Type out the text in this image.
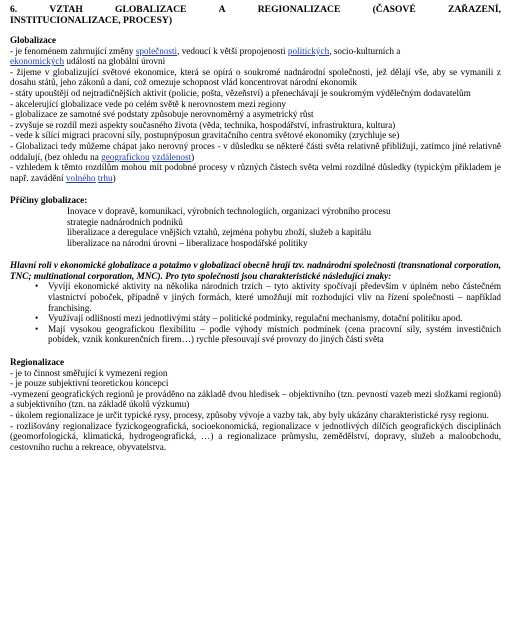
6.	VZTAH	GLOBALIZACE	A	REGIONALIZACE	(ČASOVÉ	ZAŘAZENÍ,
INSTITUCIONALIZACE, PROCESY)
Globalizace
- je fenoménem zahrnující změny společnosti, vedoucí k větší propojenosti politických, socio-kulturních a
ekonomických událostí na globální úrovni
- žijeme v globalizující světové ekonomice, která se opírá o soukromé nadnárodní společnosti, jež dělají vše, aby se vymanili z dosahu států, jeho zákonů a daní, což omezuje schopnost vlád koncentrovat národní ekonomik
- státy upouštějí od nejtradičnějších aktivit (policie, pošta, vězeňství) a přenechávají je soukromým výdělečným dodavatelům
- akcelerující globalizace vede po celém světě k nerovnostem mezi regiony
- globalizace ze samotné své podstaty způsobuje nerovnoměrný a asymetrický růst
- zvyšuje se rozdíl mezi aspekty současného života (věda, technika, hospodářství, infrastruktura, kultura)
- vede k sílící migraci pracovní síly, postupnýposun gravitačního centra světové ekonomiky (zrychluje se)
- Globalizaci tedy můžeme chápat jako nerovný proces - v důsledku se některé části světa relativně přibližují, zatímco jiné relativně oddalují, (bez ohledu na geografickou vzdálenost)
- vzhledem k těmto rozdílům mohou mít podobné procesy v různých částech světa velmi rozdílné důsledky (typickým příkladem je např. zavádění volného trhu)
Příčiny globalizace:
Inovace v dopravě, komunikaci, výrobních technologiích, organizaci výrobního procesu
strategie nadnárodních podniků
liberalizace a deregulace vnějších vztahů, zejména pohybu zboží, služeb a kapitálu
liberalizace na národní úrovni – liberalizace hospodářské politiky
Hlavní roli v ekonomické globalizace a potažmo v globalizaci obecně hrají tzv. nadnárodní společnosti (transnational corporation, TNC; multinational corporation, MNC). Pro tyto společnosti jsou charakteristické následující znaky:
• Vyvíjí ekonomické aktivity na několika národních trzích – tyto aktivity spočívají především v úplném nebo částečném vlastnictví poboček, případně v jiných formách, které umožňují mít rozhodující vliv na řízení společnosti – například franchising.
• Využívají odlišností mezi jednotlivými státy – politické podmínky, regulační mechanismy, dotační politiku apod.
• Mají vysokou geografickou flexibilitu – podle výhody místních podmínek (cena pracovní síly, systém investičních pobídek, vznik konkurenčních firem…) rychle přesouvají své provozy do jiných částí světa
Regionalizace
- je to činnost směřující k vymezení region
- je pouze subjektivní teoretickou koncepcí
-vymezení geografických regionů je prováděno na základě dvou hledisek – objektivního (tzn. pevností vazeb mezi složkami regionů) a subjektivního (tzn. na základě úkolů výzkumu)
- úkolem regionalizace je určit typické rysy, procesy, způsoby vývoje a vazby tak, aby byly ukázány charakteristické rysy regionu.
- rozlišovány regionalizace fyzickogeografická, socioekonomická, regionalizace v jednotlivých dílčích geografických disciplínách (geomorfologická, klimatická, hydrogeografická, …) a regionalizace průmyslu, zemědělství, dopravy, služeb a maloobchodu, cestovního ruchu a rekreace, obyvatelstva.
